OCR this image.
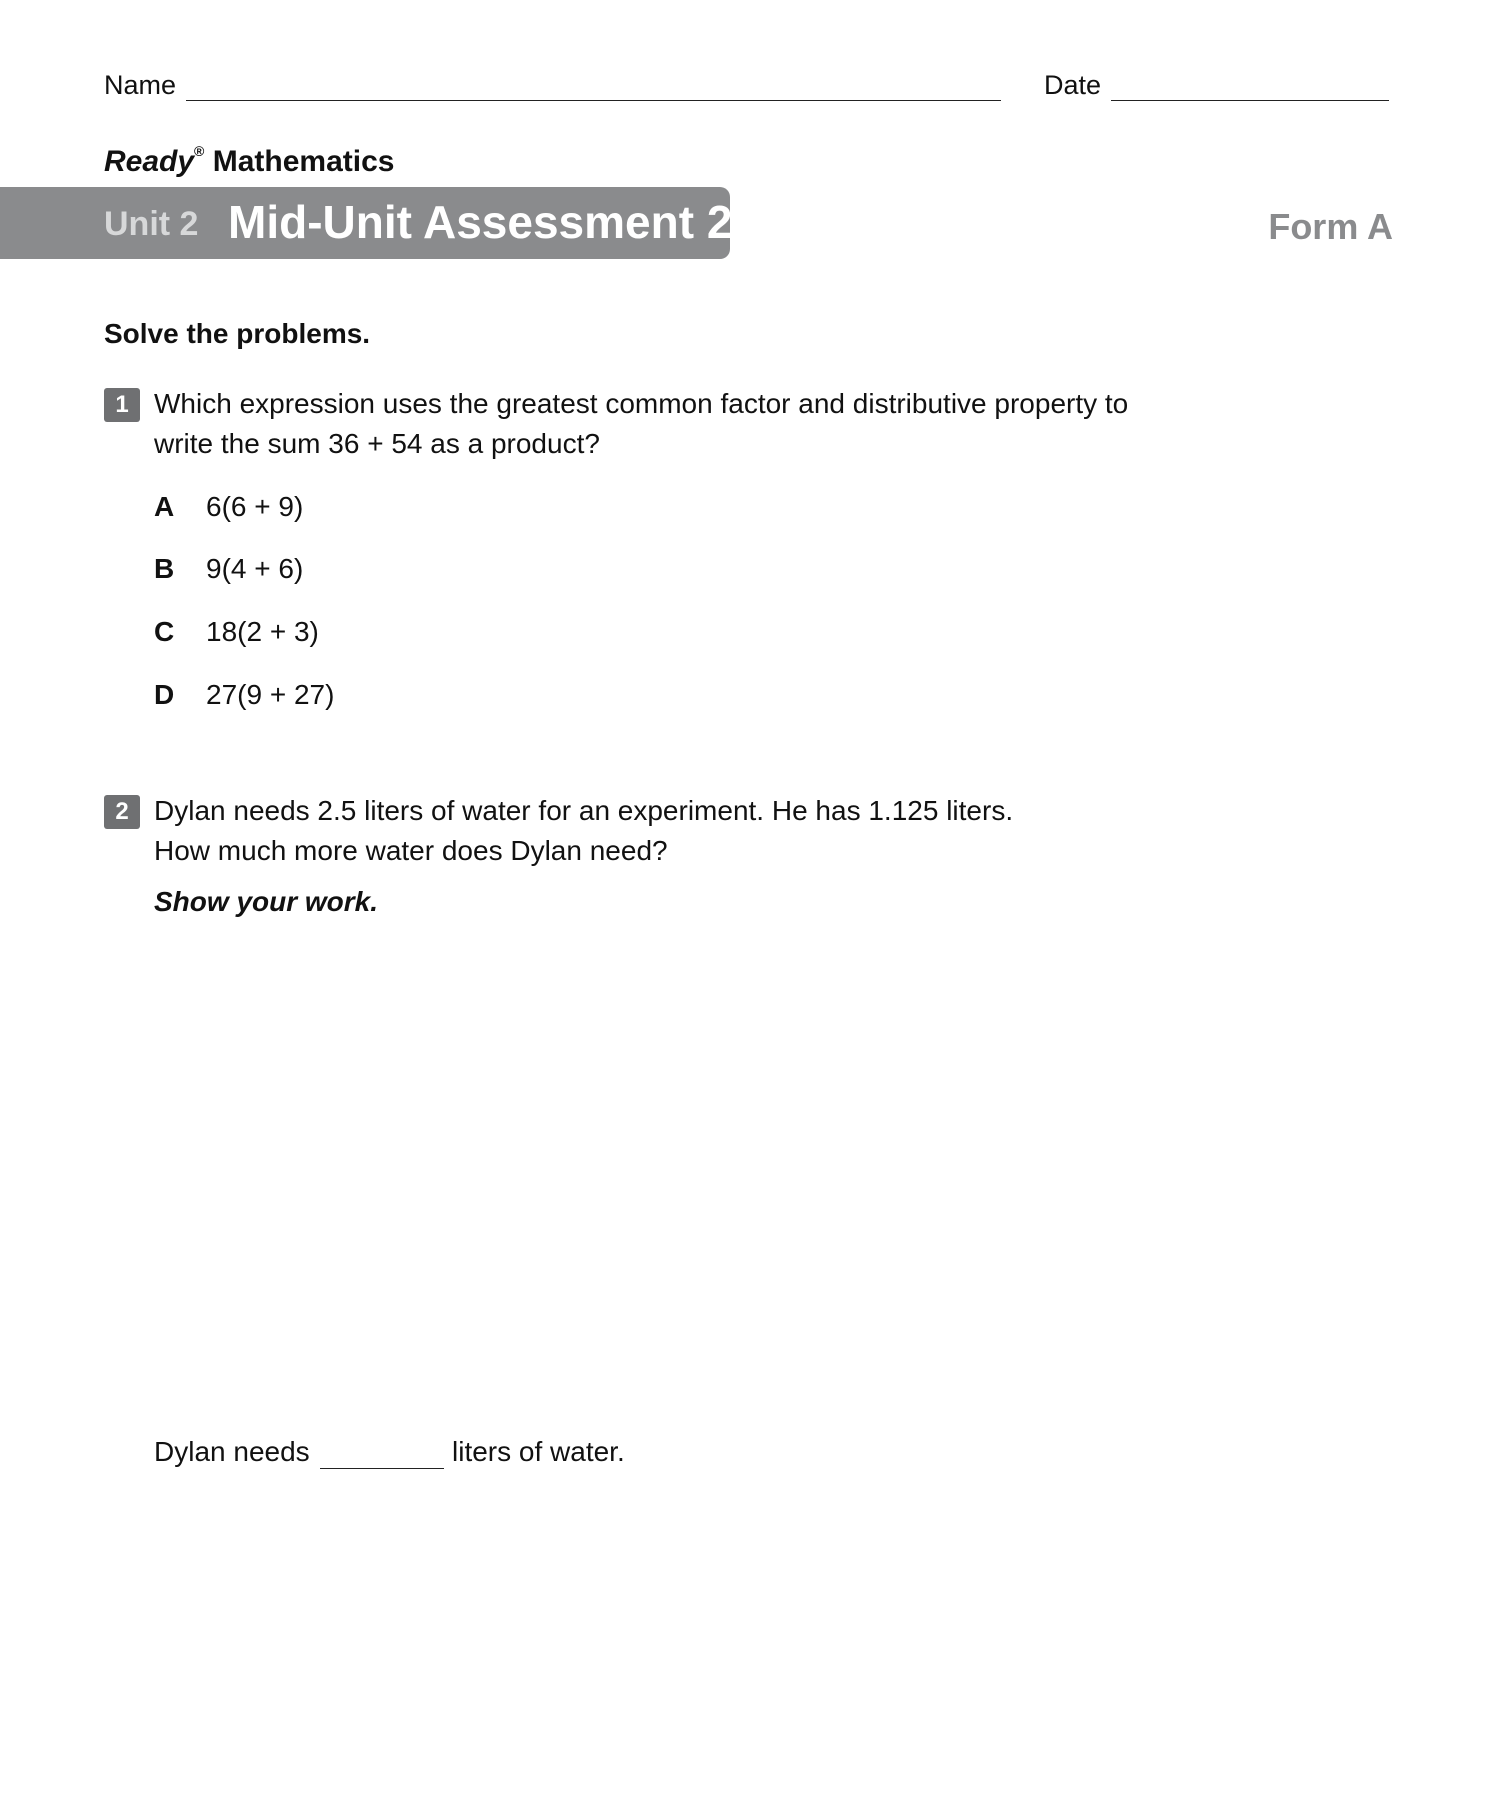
Name	Date
Ready® Mathematics
Unit 2 Mid-Unit Assessment 2	Form A
Solve the problems.
1 Which expression uses the greatest common factor and distributive property to
write the sum 36 + 54 as a product?
A 6(6 + 9)
B 9(4 + 6)
C 18(2 + 3)
D 27(9 + 27)
2 Dylan needs 2.5 liters of water for an experiment. He has 1.125 liters.
How much more water does Dylan need?
Show your work.
Dylan needs	liters of water.
